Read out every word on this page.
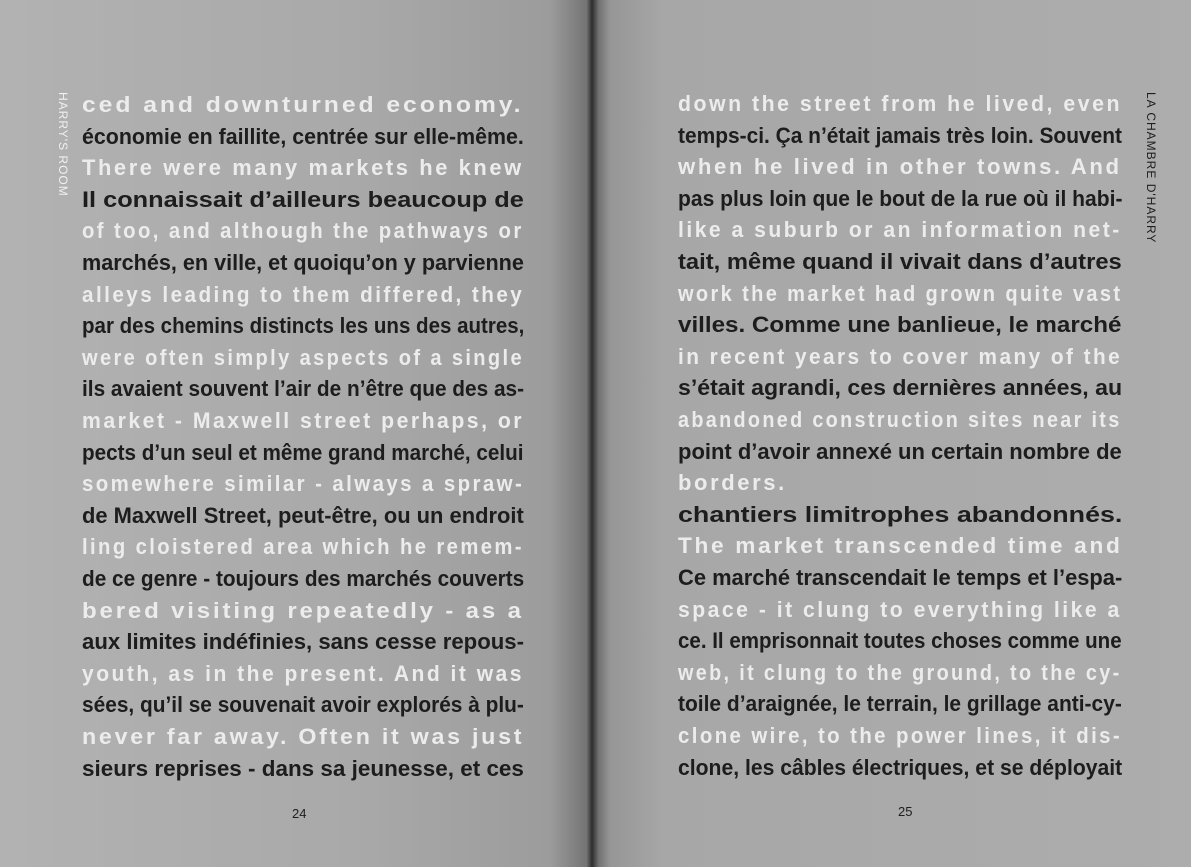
HARRY'S ROOM ced and downturned economy.
économie en faillite, centrée sur elle-même.
There were many markets he knew
Il connaissait d’ailleurs beaucoup de
of too, and although the pathways or
marchés, en ville, et quoiqu’on y parvienne
alleys leading to them differed, they
par des chemins distincts les uns des autres,
were often simply aspects of a single
ils avaient souvent l’air de n’être que des as-
market - Maxwell street perhaps, or
pects d’un seul et même grand marché, celui
somewhere similar - always a spraw-
de Maxwell Street, peut-être, ou un endroit
ling cloistered area which he remem-
de ce genre - toujours des marchés couverts
bered visiting repeatedly - as a
aux limites indéfinies, sans cesse repous-
youth, as in the present. And it was
sées, qu’il se souvenait avoir explorés à plu-
never far away. Often it was just
sieurs reprises - dans sa jeunesse, et ces
24
down the street from he lived, even
temps-ci. Ça n’était jamais très loin. Souvent
when he lived in other towns. And
pas plus loin que le bout de la rue où il habi-
like a suburb or an information net-
tait, même quand il vivait dans d’autres
work the market had grown quite vast
villes. Comme une banlieue, le marché
in recent years to cover many of the
s’était agrandi, ces dernières années, au
abandoned construction sites near its
point d’avoir annexé un certain nombre de
borders.
chantiers limitrophes abandonnés.
The market transcended time and
Ce marché transcendait le temps et l’espa-
space - it clung to everything like a
ce. Il emprisonnait toutes choses comme une
web, it clung to the ground, to the cy-
toile d’araignée, le terrain, le grillage anti-cy-
clone wire, to the power lines, it dis-
clone, les câbles électriques, et se déployait
25
LA CHAMBRE D'HARRY
